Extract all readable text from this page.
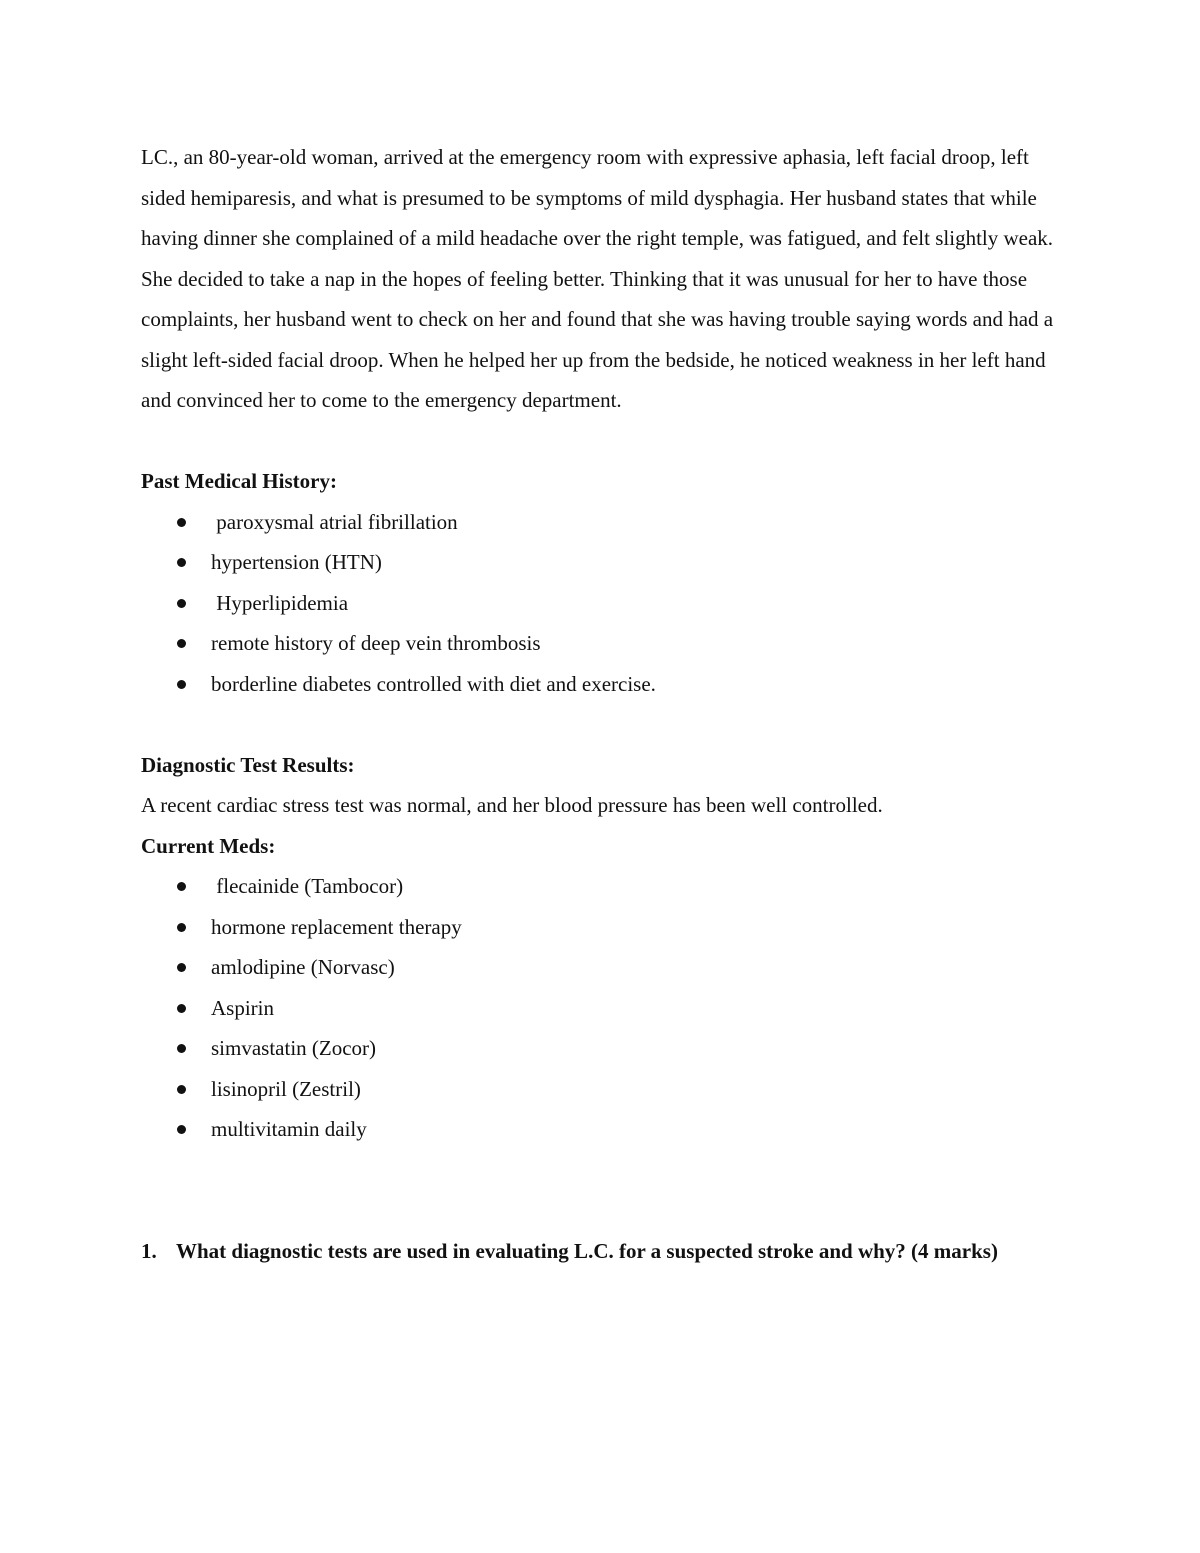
LC., an 80-year-old woman, arrived at the emergency room with expressive aphasia, left facial droop, left sided hemiparesis, and what is presumed to be symptoms of mild dysphagia. Her husband states that while having dinner she complained of a mild headache over the right temple, was fatigued, and felt slightly weak. She decided to take a nap in the hopes of feeling better. Thinking that it was unusual for her to have those complaints, her husband went to check on her and found that she was having trouble saying words and had a slight left-sided facial droop. When he helped her up from the bedside, he noticed weakness in her left hand and convinced her to come to the emergency department.

Past Medical History:

paroxysmal atrial fibrillation
hypertension (HTN)
Hyperlipidemia
remote history of deep vein thrombosis
borderline diabetes controlled with diet and exercise.

Diagnostic Test Results:

A recent cardiac stress test was normal, and her blood pressure has been well controlled.

Current Meds:

flecainide (Tambocor)
hormone replacement therapy
amlodipine (Norvasc)
Aspirin
simvastatin (Zocor)
lisinopril (Zestril)
multivitamin daily

1. What diagnostic tests are used in evaluating L.C. for a suspected stroke and why? (4 marks)
